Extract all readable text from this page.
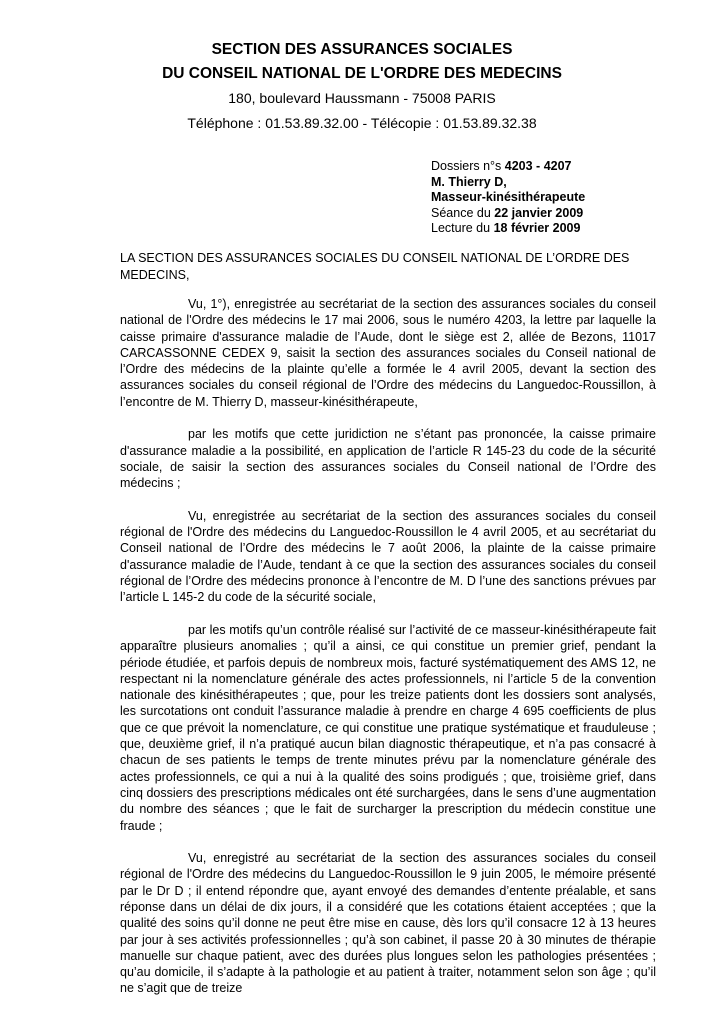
SECTION DES ASSURANCES SOCIALES
DU CONSEIL NATIONAL DE L'ORDRE DES MEDECINS
180, boulevard Haussmann - 75008 PARIS
Téléphone : 01.53.89.32.00 - Télécopie : 01.53.89.32.38
Dossiers n°s 4203 - 4207
M. Thierry D,
Masseur-kinésithérapeute
Séance du 22 janvier 2009
Lecture du 18 février 2009
LA SECTION DES ASSURANCES SOCIALES DU CONSEIL NATIONAL DE L’ORDRE DES MEDECINS,

Vu, 1°), enregistrée au secrétariat de la section des assurances sociales du conseil national de l'Ordre des médecins le 17 mai 2006, sous le numéro 4203, la lettre par laquelle la caisse primaire d'assurance maladie de l’Aude, dont le siège est 2, allée de Bezons, 11017 CARCASSONNE CEDEX 9, saisit la section des assurances sociales du Conseil national de l’Ordre des médecins de la plainte qu’elle a formée le 4 avril 2005, devant la section des assurances sociales du conseil régional de l’Ordre des médecins du Languedoc-Roussillon, à l’encontre de M. Thierry D, masseur-kinésithérapeute,

par les motifs que cette juridiction ne s’étant pas prononcée, la caisse primaire d'assurance maladie a la possibilité, en application de l’article R 145-23 du code de la sécurité sociale, de saisir la section des assurances sociales du Conseil national de l’Ordre des médecins ;

Vu, enregistrée au secrétariat de la section des assurances sociales du conseil régional de l'Ordre des médecins du Languedoc-Roussillon le 4 avril 2005, et au secrétariat du Conseil national de l’Ordre des médecins le 7 août 2006, la plainte de la caisse primaire d'assurance maladie de l’Aude, tendant à ce que la section des assurances sociales du conseil régional de l’Ordre des médecins prononce à l’encontre de M. D l’une des sanctions prévues par l’article L 145-2 du code de la sécurité sociale,

par les motifs qu’un contrôle réalisé sur l’activité de ce masseur-kinésithérapeute fait apparaître plusieurs anomalies ; qu’il a ainsi, ce qui constitue un premier grief, pendant la période étudiée, et parfois depuis de nombreux mois, facturé systématiquement des AMS 12, ne respectant ni la nomenclature générale des actes professionnels, ni l’article 5 de la convention nationale des kinésithérapeutes ; que, pour les treize patients dont les dossiers sont analysés, les surcotations ont conduit l’assurance maladie à prendre en charge 4 695 coefficients de plus que ce que prévoit la nomenclature, ce qui constitue une pratique systématique et frauduleuse ; que, deuxième grief, il n’a pratiqué aucun bilan diagnostic thérapeutique, et n’a pas consacré à chacun de ses patients le temps de trente minutes prévu par la nomenclature générale des actes professionnels, ce qui a nui à la qualité des soins prodigués ; que, troisième grief, dans cinq dossiers des prescriptions médicales ont été surchargées, dans le sens d’une augmentation du nombre des séances ; que le fait de surcharger la prescription du médecin constitue une fraude ;

Vu, enregistré au secrétariat de la section des assurances sociales du conseil régional de l'Ordre des médecins du Languedoc-Roussillon le 9 juin 2005, le mémoire présenté par le Dr D ; il entend répondre que, ayant envoyé des demandes d’entente préalable, et sans réponse dans un délai de dix jours, il a considéré que les cotations étaient acceptées ; que la qualité des soins qu’il donne ne peut être mise en cause, dès lors qu’il consacre 12 à 13 heures par jour à ses activités professionnelles ; qu’à son cabinet, il passe 20 à 30 minutes de thérapie manuelle sur chaque patient, avec des durées plus longues selon les pathologies présentées ; qu’au domicile, il s’adapte à la pathologie et au patient à traiter, notamment selon son âge ; qu’il ne s’agit que de treize
